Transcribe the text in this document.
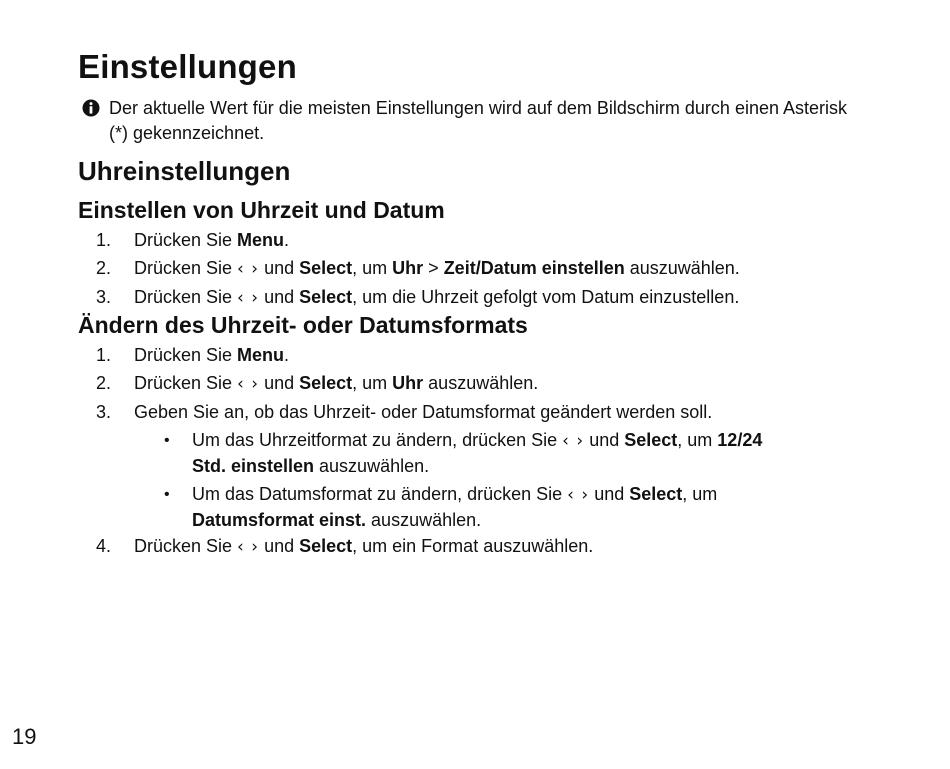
Einstellungen
Der aktuelle Wert für die meisten Einstellungen wird auf dem Bildschirm durch einen Asterisk (*) gekennzeichnet.
Uhreinstellungen
Einstellen von Uhrzeit und Datum
1. Drücken Sie Menu.
2. Drücken Sie ‹ › und Select, um Uhr > Zeit/Datum einstellen auszuwählen.
3. Drücken Sie ‹ › und Select, um die Uhrzeit gefolgt vom Datum einzustellen.
Ändern des Uhrzeit- oder Datumsformats
1. Drücken Sie Menu.
2. Drücken Sie ‹ › und Select, um Uhr auszuwählen.
3. Geben Sie an, ob das Uhrzeit- oder Datumsformat geändert werden soll.
• Um das Uhrzeitformat zu ändern, drücken Sie ‹ › und Select, um 12/24 Std. einstellen auszuwählen.
• Um das Datumsformat zu ändern, drücken Sie ‹ › und Select, um Datumsformat einst. auszuwählen.
4. Drücken Sie ‹ › und Select, um ein Format auszuwählen.
19
